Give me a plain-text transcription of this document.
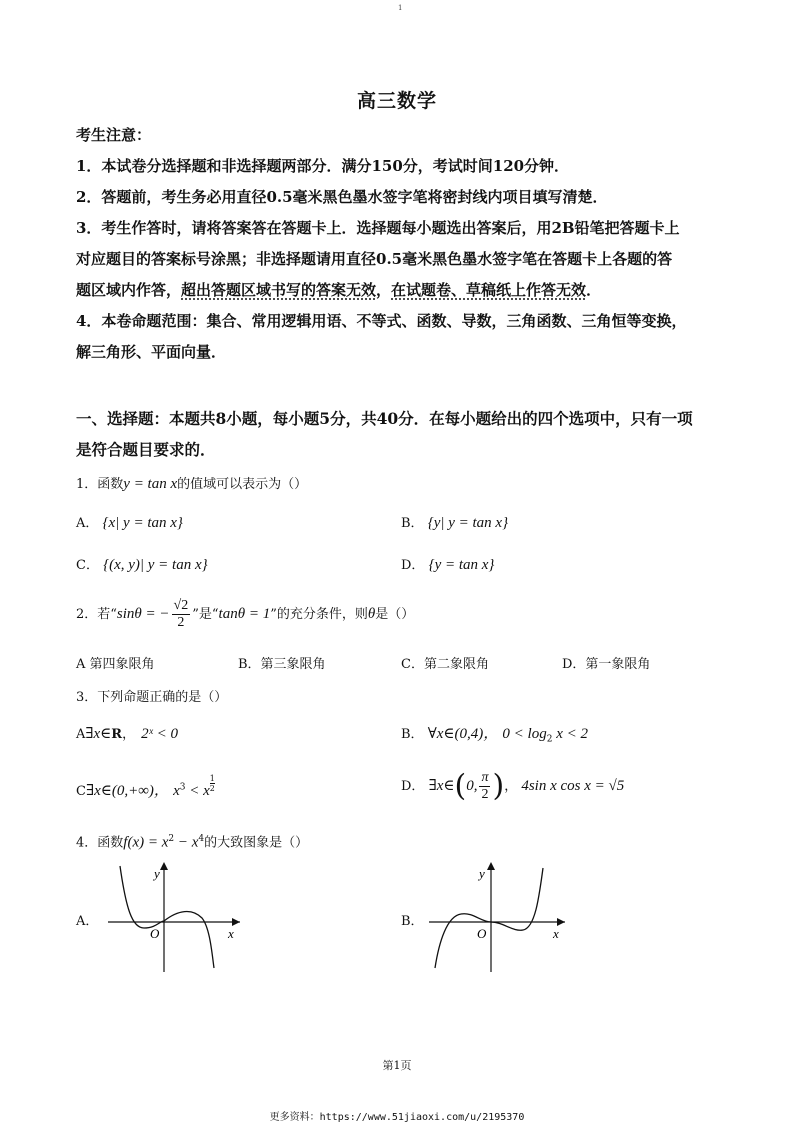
1
高三数学
考生注意：
1．本试卷分选择题和非选择题两部分．满分150分，考试时间120分钟．
2．答题前，考生务必用直径0.5毫米黑色墨水签字笔将密封线内项目填写清楚．
3．考生作答时，请将答案答在答题卡上．选择题每小题选出答案后，用2B铅笔把答题卡上
对应题目的答案标号涂黑；非选择题请用直径0.5毫米黑色墨水签字笔在答题卡上各题的答
题区域内作答，超出答题区域书写的答案无效，在试题卷、草稿纸上作答无效．
4．本卷命题范围：集合、常用逻辑用语、不等式、函数、导数，三角函数、三角恒等变换，
解三角形、平面向量．
一、选择题：本题共8小题，每小题5分，共40分．在每小题给出的四个选项中，只有一项
是符合题目要求的．
1．函数y = tan x的值域可以表示为（）
A． {x| y = tan x}	B． {y| y = tan x}
C． {(x, y)| y = tan x}	D． {y = tan x}
2．若“sinθ = − $\frac{√2}{2}$ ”是“tanθ = 1”的充分条件，则θ是（）
A 第四象限角	B．第三象限角	C．第二象限角	D．第一象限角
3．下列命题正确的是（）
A∃x∈R， 2ˣ < 0	B． ∀x∈(0,4)， $0 < \log_2 x < 2$
C∃x∈(0,+∞)， $x^3 < x$ $^{\frac{1}{2}}$	D． ∃x∈(0, $\frac{\pi}{2}$ )， 4sin x cos x = √5
4．函数$f(x) = x^2 - x^4$的大致图象是（）
A．
y
x
O
B．
y
x
O
第1页
更多资料：https://www.51jiaoxi.com/u/2195370
